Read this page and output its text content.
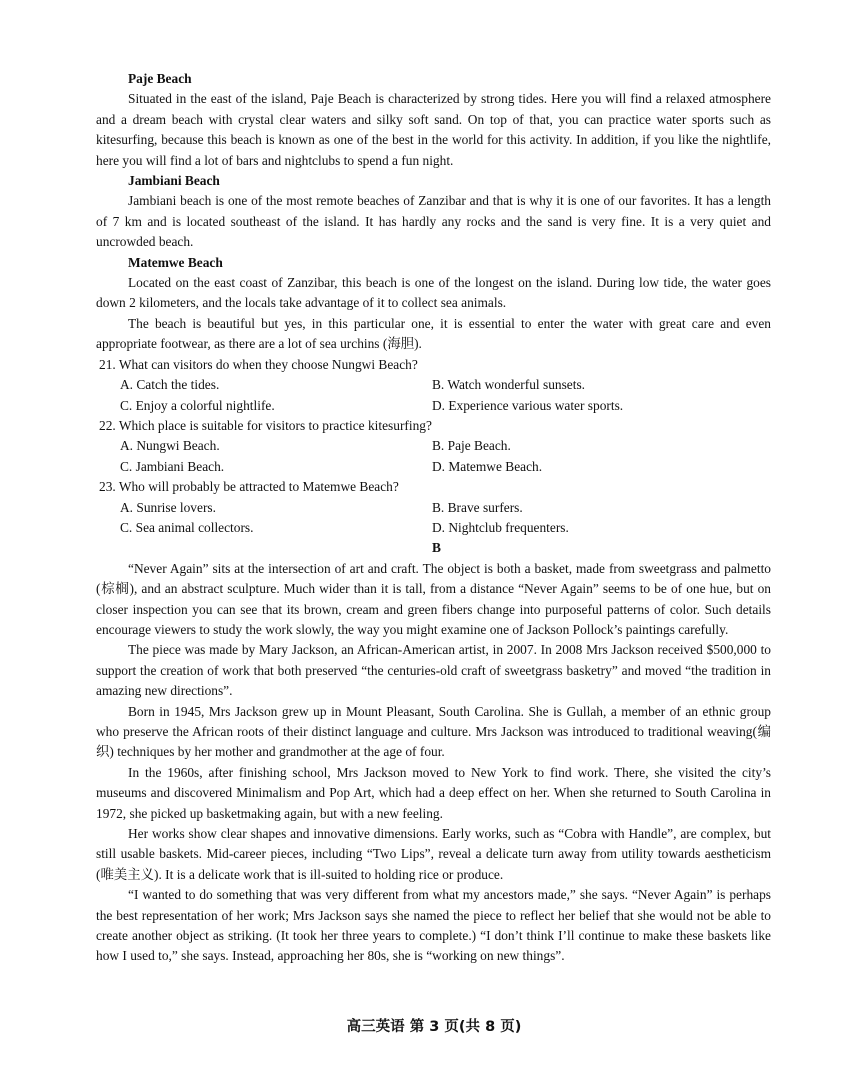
Paje Beach

Situated in the east of the island, Paje Beach is characterized by strong tides. Here you will find a relaxed atmosphere and a dream beach with crystal clear waters and silky soft sand. On top of that, you can practice water sports such as kitesurfing, because this beach is known as one of the best in the world for this activity. In addition, if you like the nightlife, here you will find a lot of bars and nightclubs to spend a fun night.

Jambiani Beach

Jambiani beach is one of the most remote beaches of Zanzibar and that is why it is one of our favorites. It has a length of 7 km and is located southeast of the island. It has hardly any rocks and the sand is very fine. It is a very quiet and uncrowded beach.

Matemwe Beach

Located on the east coast of Zanzibar, this beach is one of the longest on the island. During low tide, the water goes down 2 kilometers, and the locals take advantage of it to collect sea animals.

The beach is beautiful but yes, in this particular one, it is essential to enter the water with great care and even appropriate footwear, as there are a lot of sea urchins (海胆).

21. What can visitors do when they choose Nungwi Beach?

A. Catch the tides.	B. Watch wonderful sunsets.
C. Enjoy a colorful nightlife.	D. Experience various water sports.

22. Which place is suitable for visitors to practice kitesurfing?

A. Nungwi Beach.	B. Paje Beach.
C. Jambiani Beach.	D. Matemwe Beach.

23. Who will probably be attracted to Matemwe Beach?

A. Sunrise lovers.	B. Brave surfers.
C. Sea animal collectors.	D. Nightclub frequenters.

B

“Never Again” sits at the intersection of art and craft. The object is both a basket, made from sweetgrass and palmetto (棕榈), and an abstract sculpture. Much wider than it is tall, from a distance “Never Again” seems to be of one hue, but on closer inspection you can see that its brown, cream and green fibers change into purposeful patterns of color. Such details encourage viewers to study the work slowly, the way you might examine one of Jackson Pollock’s paintings carefully.

The piece was made by Mary Jackson, an African-American artist, in 2007. In 2008 Mrs Jackson received $500,000 to support the creation of work that both preserved “the centuries-old craft of sweetgrass basketry” and moved “the tradition in amazing new directions”.

Born in 1945, Mrs Jackson grew up in Mount Pleasant, South Carolina. She is Gullah, a member of an ethnic group who preserve the African roots of their distinct language and culture. Mrs Jackson was introduced to traditional weaving(编织) techniques by her mother and grandmother at the age of four.

In the 1960s, after finishing school, Mrs Jackson moved to New York to find work. There, she visited the city’s museums and discovered Minimalism and Pop Art, which had a deep effect on her. When she returned to South Carolina in 1972, she picked up basketmaking again, but with a new feeling.

Her works show clear shapes and innovative dimensions. Early works, such as “Cobra with Handle”, are complex, but still usable baskets. Mid-career pieces, including “Two Lips”, reveal a delicate turn away from utility towards aestheticism (唯美主义). It is a delicate work that is ill-suited to holding rice or produce.

“I wanted to do something that was very different from what my ancestors made,” she says. “Never Again” is perhaps the best representation of her work; Mrs Jackson says she named the piece to reflect her belief that she would not be able to create another object as striking. (It took her three years to complete.) “I don’t think I’ll continue to make these baskets like how I used to,” she says. Instead, approaching her 80s, she is “working on new things”.

高三英语 第 3 页(共 8 页)
